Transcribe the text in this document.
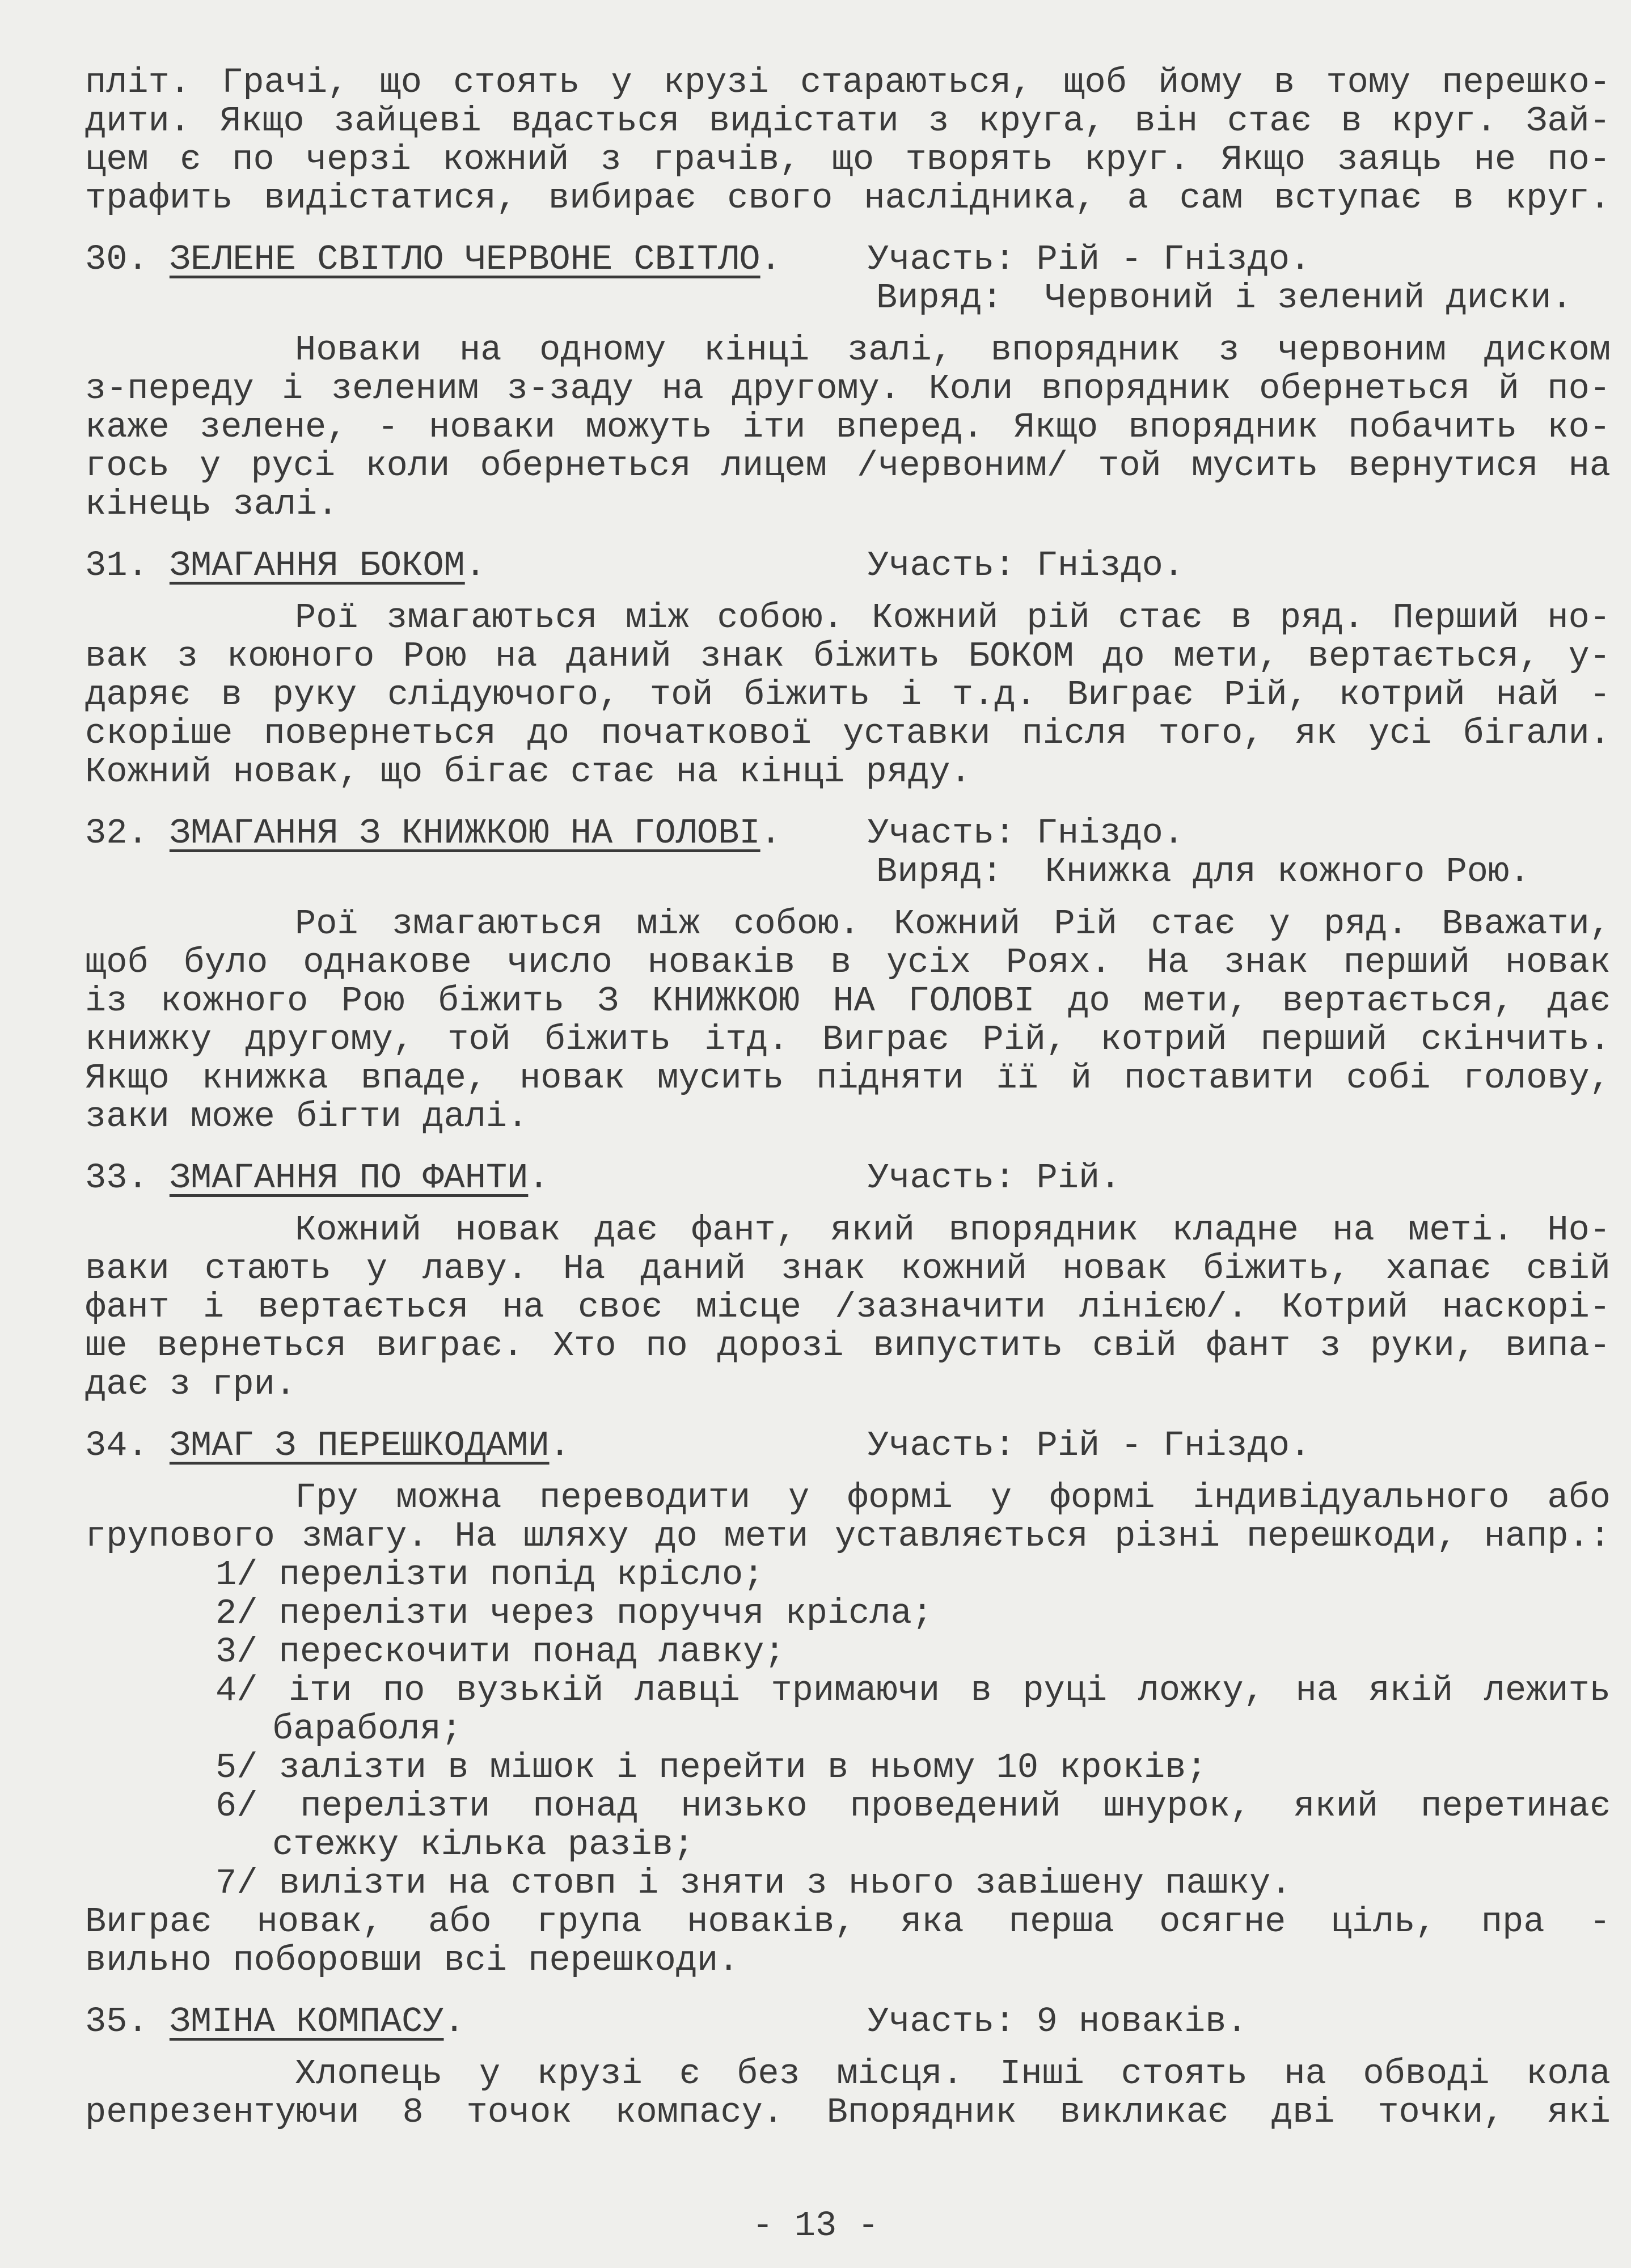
пліт. Грачі, що стоять у крузі стараються, щоб йому в тому перешко-
дити. Якщо зайцеві вдасться видістати з круга, він стає в круг. Зай-
цем є по черзі кожний з грачів, що творять круг. Якщо заяць не по-
трафить видістатися, вибирає свого наслідника, а сам вступає в круг.
30. ЗЕЛЕНЕ СВІТЛО ЧЕРВОНЕ СВІТЛО. Участь: Рій - Гніздо.
Виряд:  Червоний і зелений диски.
Новаки на одному кінці залі, впорядник з червоним диском
з-переду і зеленим з-заду на другому. Коли впорядник обернеться й по-
каже зелене, - новаки можуть іти вперед. Якщо впорядник побачить ко-
гось у русі коли обернеться лицем /червоним/ той мусить вернутися на
кінець залі.
31. ЗМАГАННЯ БОКОМ.	Участь: Гніздо.
Рої змагаються між собою. Кожний рій стає в ряд. Перший но-
вак з коюного Рою на даний знак біжить БОКОМ до мети, вертається, у-
даряє в руку слідуючого, той біжить і т.д. Виграє Рій, котрий най -
скоріше повернеться до початкової уставки після того, як усі бігали.
Кожний новак, що бігає стає на кінці ряду.
32. ЗМАГАННЯ З КНИЖКОЮ НА ГОЛОВІ. Участь: Гніздо.
Виряд:  Книжка для кожного Рою.
Рої змагаються між собою. Кожний Рій стає у ряд. Вважати,
щоб було однакове число новаків в усіх Роях. На знак перший новак
із кожного Рою біжить З КНИЖКОЮ НА ГОЛОВІ до мети, вертається, дає
книжку другому, той біжить ітд. Виграє Рій, котрий перший скінчить.
Якщо книжка впаде, новак мусить підняти її й поставити собі голову,
заки може бігти далі.
33. ЗМАГАННЯ ПО ФАНТИ.	Участь: Рій.
Кожний новак дає фант, який впорядник кладне на меті. Но-
ваки стають у лаву. На даний знак кожний новак біжить, хапає свій
фант і вертається на своє місце /зазначити лінією/. Котрий наскорі-
ше вернеться виграє. Хто по дорозі випустить свій фант з руки, випа-
дає з гри.
34. ЗМАГ З ПЕРЕШКОДАМИ.	Участь: Рій - Гніздо.
Гру можна переводити у формі у формі індивідуального або
групового змагу. На шляху до мети уставляється різні перешкоди, напр.:
1/ перелізти попід крісло;
2/ перелізти через поруччя крісла;
3/ перескочити понад лавку;
4/ іти по вузькій лавці тримаючи в руці ложку, на якій лежить
бараболя;
5/ залізти в мішок і перейти в ньому 10 кроків;
6/ перелізти понад низько проведений шнурок, який перетинає
стежку кілька разів;
7/ вилізти на стовп і зняти з нього завішену пашку.
Виграє новак, або група новаків, яка перша осягне ціль, пра -
вильно поборовши всі перешкоди.
35. ЗМІНА КОМПАСУ.	Участь: 9 новаків.
Хлопець у крузі є без місця. Інші стоять на обводі кола
репрезентуючи 8 точок компасу. Впорядник викликає дві точки, які
- 13 -
